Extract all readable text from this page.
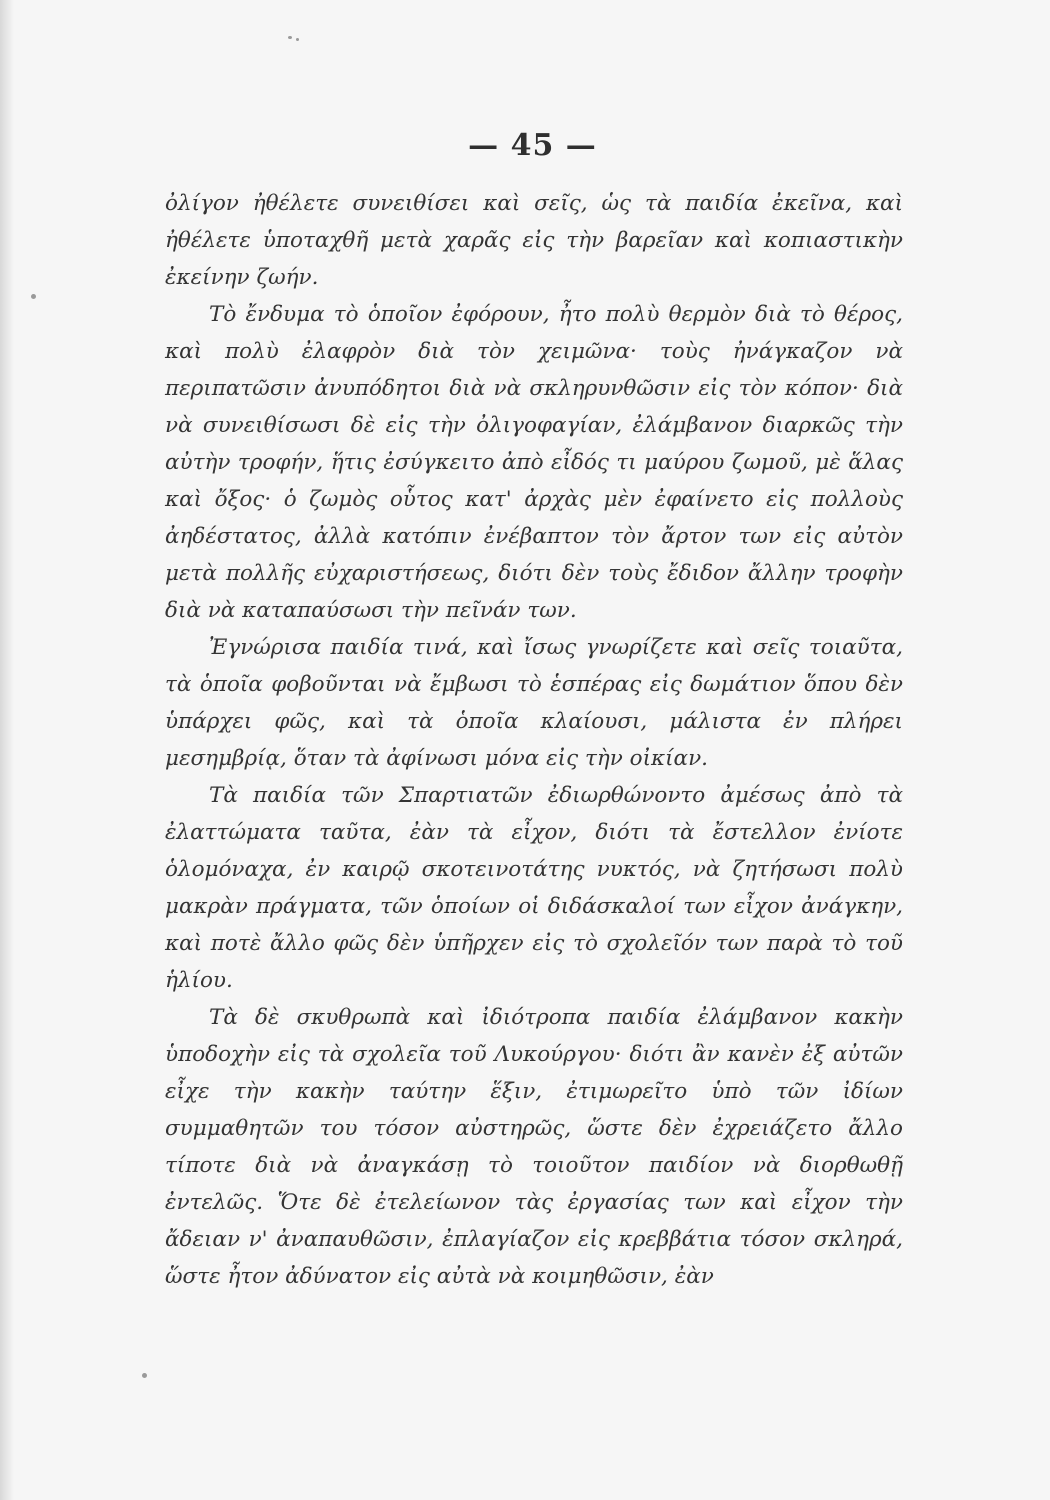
— 45 —

ὀλίγον ἠθέλετε συνειθίσει καὶ σεῖς, ὡς τὰ παιδία ἐκεῖνα, καὶ ἠθέλετε ὑποταχθῆ μετὰ χαρᾶς εἰς τὴν βαρεῖαν καὶ κοπιαστικὴν ἐκείνην ζωήν.

Τὸ ἔνδυμα τὸ ὁποῖον ἐφόρουν, ἦτο πολὺ θερμὸν διὰ τὸ θέρος, καὶ πολὺ ἐλαφρὸν διὰ τὸν χειμῶνα· τοὺς ἠνάγκαζον νὰ περιπατῶσιν ἀνυπόδητοι διὰ νὰ σκληρυνθῶσιν εἰς τὸν κόπον· διὰ νὰ συνειθίσωσι δὲ εἰς τὴν ὀλιγοφαγίαν, ἐλάμβανον διαρκῶς τὴν αὐτὴν τροφήν, ἥτις ἐσύγκειτο ἀπὸ εἶδός τι μαύρου ζωμοῦ, μὲ ἅλας καὶ ὄξος· ὁ ζωμὸς οὗτος κατ' ἀρχὰς μὲν ἐφαίνετο εἰς πολλοὺς ἀηδέστατος, ἀλλὰ κατόπιν ἐνέβαπτον τὸν ἄρτον των εἰς αὐτὸν μετὰ πολλῆς εὐχαριστήσεως, διότι δὲν τοὺς ἔδιδον ἄλλην τροφὴν διὰ νὰ καταπαύσωσι τὴν πεῖνάν των.

Ἐγνώρισα παιδία τινά, καὶ ἴσως γνωρίζετε καὶ σεῖς τοιαῦτα, τὰ ὁποῖα φοβοῦνται νὰ ἔμβωσι τὸ ἑσπέρας εἰς δωμάτιον ὅπου δὲν ὑπάρχει φῶς, καὶ τὰ ὁποῖα κλαίουσι, μάλιστα ἐν πλήρει μεσημβρίᾳ, ὅταν τὰ ἀφίνωσι μόνα εἰς τὴν οἰκίαν.

Τὰ παιδία τῶν Σπαρτιατῶν ἐδιωρθώνοντο ἀμέσως ἀπὸ τὰ ἐλαττώματα ταῦτα, ἐὰν τὰ εἶχον, διότι τὰ ἔστελλον ἐνίοτε ὁλομόναχα, ἐν καιρῷ σκοτεινοτάτης νυκτός, νὰ ζητήσωσι πολὺ μακρὰν πράγματα, τῶν ὁποίων οἱ διδάσκαλοί των εἶχον ἀνάγκην, καὶ ποτὲ ἄλλο φῶς δὲν ὑπῆρχεν εἰς τὸ σχολεῖόν των παρὰ τὸ τοῦ ἡλίου.

Τὰ δὲ σκυθρωπὰ καὶ ἰδιότροπα παιδία ἐλάμβανον κακὴν ὑποδοχὴν εἰς τὰ σχολεῖα τοῦ Λυκούργου· διότι ἂν κανὲν ἐξ αὐτῶν εἶχε τὴν κακὴν ταύτην ἕξιν, ἐτιμωρεῖτο ὑπὸ τῶν ἰδίων συμμαθητῶν του τόσον αὐστηρῶς, ὥστε δὲν ἐχρειάζετο ἄλλο τίποτε διὰ νὰ ἀναγκάσῃ τὸ τοιοῦτον παιδίον νὰ διορθωθῇ ἐντελῶς. Ὅτε δὲ ἐτελείωνον τὰς ἐργασίας των καὶ εἶχον τὴν ἄδειαν ν' ἀναπαυθῶσιν, ἐπλαγίαζον εἰς κρεββάτια τόσον σκληρά, ὥστε ἦτον ἀδύνατον εἰς αὐτὰ νὰ κοιμηθῶσιν, ἐὰν
